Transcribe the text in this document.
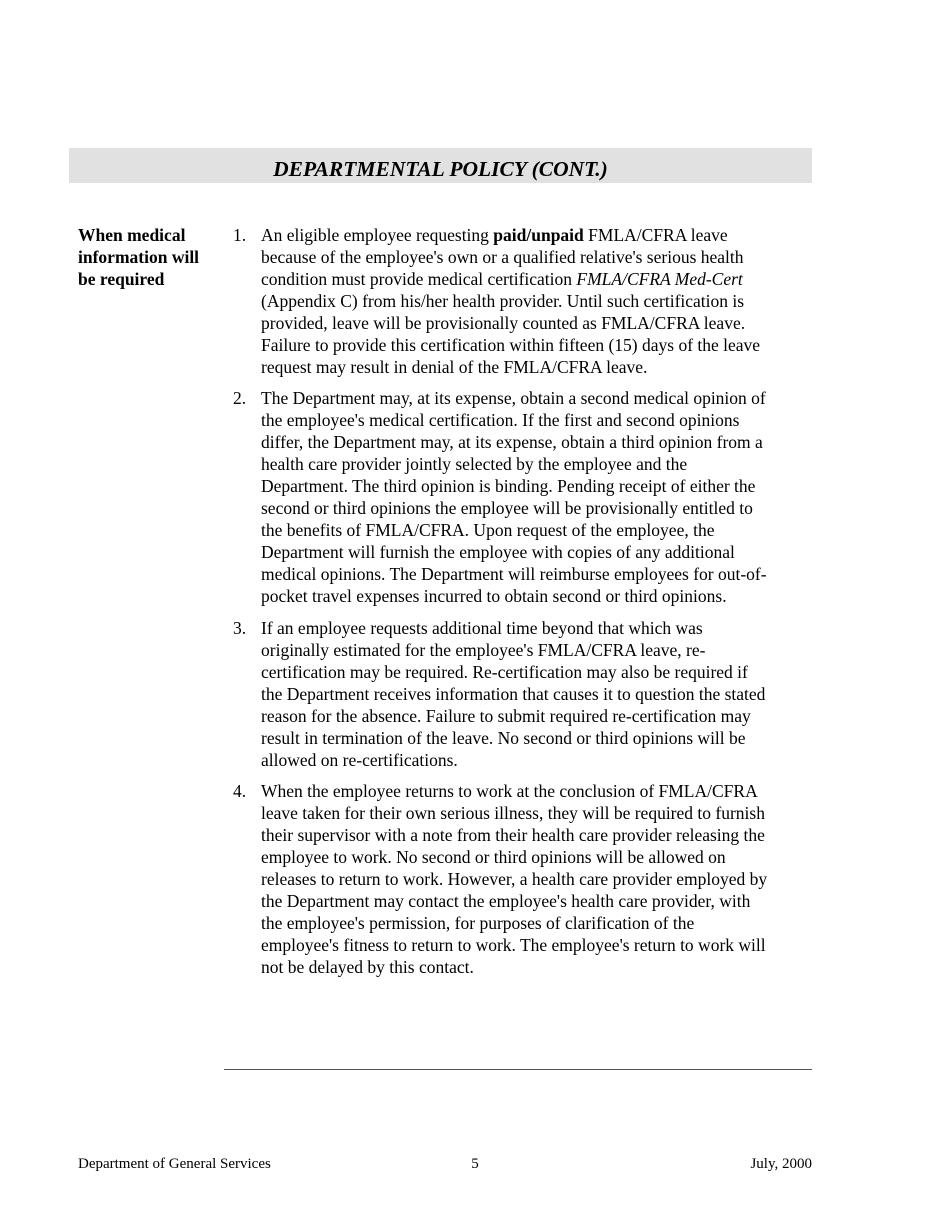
DEPARTMENTAL POLICY (CONT.)
When medical
information will
be required
1. An eligible employee requesting paid/unpaid FMLA/CFRA leave
because of the employee's own or a qualified relative's serious health
condition must provide medical certification FMLA/CFRA Med-Cert
(Appendix C) from his/her health provider. Until such certification is
provided, leave will be provisionally counted as FMLA/CFRA leave.
Failure to provide this certification within fifteen (15) days of the leave
request may result in denial of the FMLA/CFRA leave.
2. The Department may, at its expense, obtain a second medical opinion of
the employee's medical certification. If the first and second opinions
differ, the Department may, at its expense, obtain a third opinion from a
health care provider jointly selected by the employee and the
Department. The third opinion is binding. Pending receipt of either the
second or third opinions the employee will be provisionally entitled to
the benefits of FMLA/CFRA. Upon request of the employee, the
Department will furnish the employee with copies of any additional
medical opinions. The Department will reimburse employees for out-of-
pocket travel expenses incurred to obtain second or third opinions.
3. If an employee requests additional time beyond that which was
originally estimated for the employee's FMLA/CFRA leave, re-
certification may be required. Re-certification may also be required if
the Department receives information that causes it to question the stated
reason for the absence. Failure to submit required re-certification may
result in termination of the leave. No second or third opinions will be
allowed on re-certifications.
4. When the employee returns to work at the conclusion of FMLA/CFRA
leave taken for their own serious illness, they will be required to furnish
their supervisor with a note from their health care provider releasing the
employee to work. No second or third opinions will be allowed on
releases to return to work. However, a health care provider employed by
the Department may contact the employee's health care provider, with
the employee's permission, for purposes of clarification of the
employee's fitness to return to work. The employee's return to work will
not be delayed by this contact.
Department of General Services	5	July, 2000
